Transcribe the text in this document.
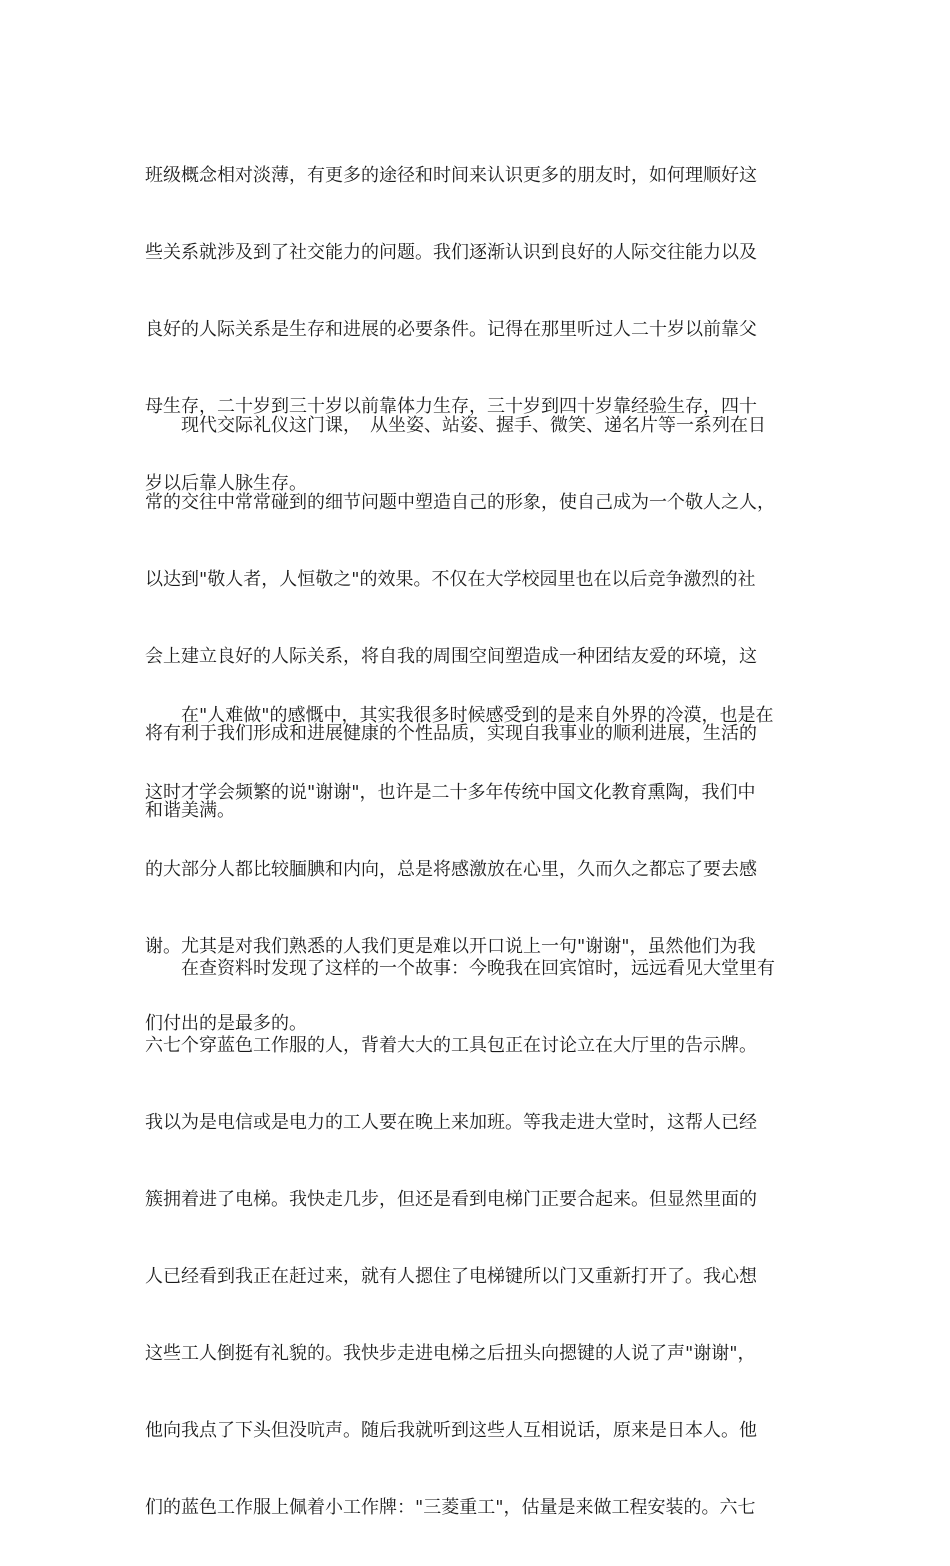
班级概念相对淡薄，有更多的途径和时间来认识更多的朋友时，如何理顺好这

些关系就涉及到了社交能力的问题。我们逐渐认识到良好的人际交往能力以及

良好的人际关系是生存和进展的必要条件。记得在那里听过人二十岁以前靠父

母生存，二十岁到三十岁以前靠体力生存，三十岁到四十岁靠经验生存，四十

岁以后靠人脉生存。

　　现代交际礼仪这门课，　从坐姿、站姿、握手、微笑、递名片等一系列在日

常的交往中常常碰到的细节问题中塑造自己的形象，使自己成为一个敬人之人，

以达到"敬人者，人恒敬之"的效果。不仅在大学校园里也在以后竞争激烈的社

会上建立良好的人际关系，将自我的周围空间塑造成一种团结友爱的环境，这

将有利于我们形成和进展健康的个性品质，实现自我事业的顺利进展，生活的

和谐美满。

　　在"人难做"的感慨中，其实我很多时候感受到的是来自外界的冷漠，也是在

这时才学会频繁的说"谢谢"，也许是二十多年传统中国文化教育熏陶，我们中

的大部分人都比较腼腆和内向，总是将感激放在心里，久而久之都忘了要去感

谢。尤其是对我们熟悉的人我们更是难以开口说上一句"谢谢"，虽然他们为我

们付出的是最多的。

　　在查资料时发现了这样的一个故事：今晚我在回宾馆时，远远看见大堂里有

六七个穿蓝色工作服的人，背着大大的工具包正在讨论立在大厅里的告示牌。

我以为是电信或是电力的工人要在晚上来加班。等我走进大堂时，这帮人已经

簇拥着进了电梯。我快走几步，但还是看到电梯门正要合起来。但显然里面的

人已经看到我正在赶过来，就有人摁住了电梯键所以门又重新打开了。我心想

这些工人倒挺有礼貌的。我快步走进电梯之后扭头向摁键的人说了声"谢谢"，

他向我点了下头但没吭声。随后我就听到这些人互相说话，原来是日本人。他

们的蓝色工作服上佩着小工作牌："三菱重工"，估量是来做工程安装的。六七
